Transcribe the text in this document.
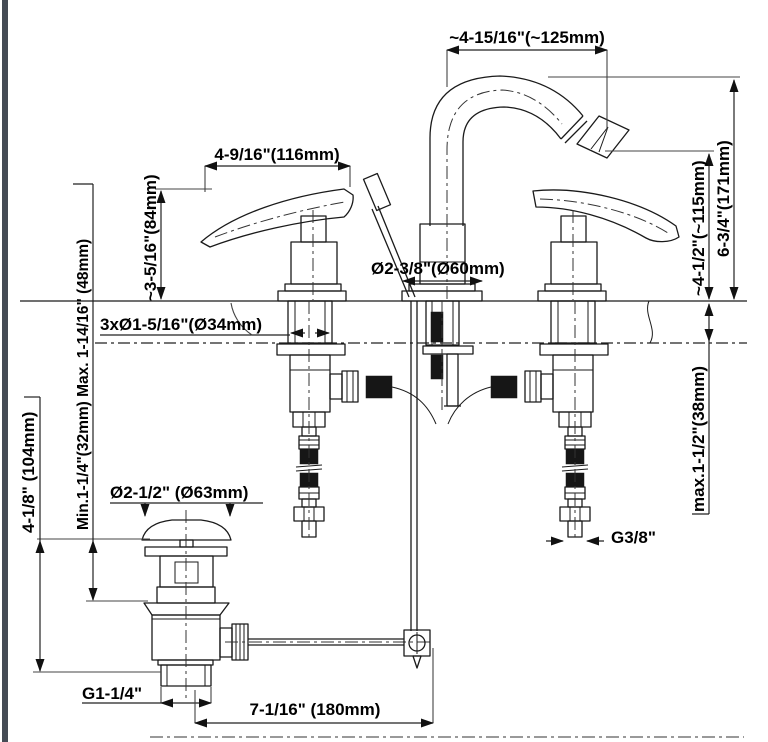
~4-15/16"(~125mm)
4-9/16"(116mm)
~3-5/16"(84mm)
3xØ1-5/16"(Ø34mm)
Ø2-3/8"(Ø60mm)
6-3/4"(171mm)
~4-1/2"(~115mm)
max.1-1/2"(38mm)
Min.1-1/4"(32mm) Max. 1-14/16" (48mm)
4-1/8" (104mm)	Ø2-1/2" (Ø63mm)
G3/8"
G1-1/4"
7-1/16" (180mm)
